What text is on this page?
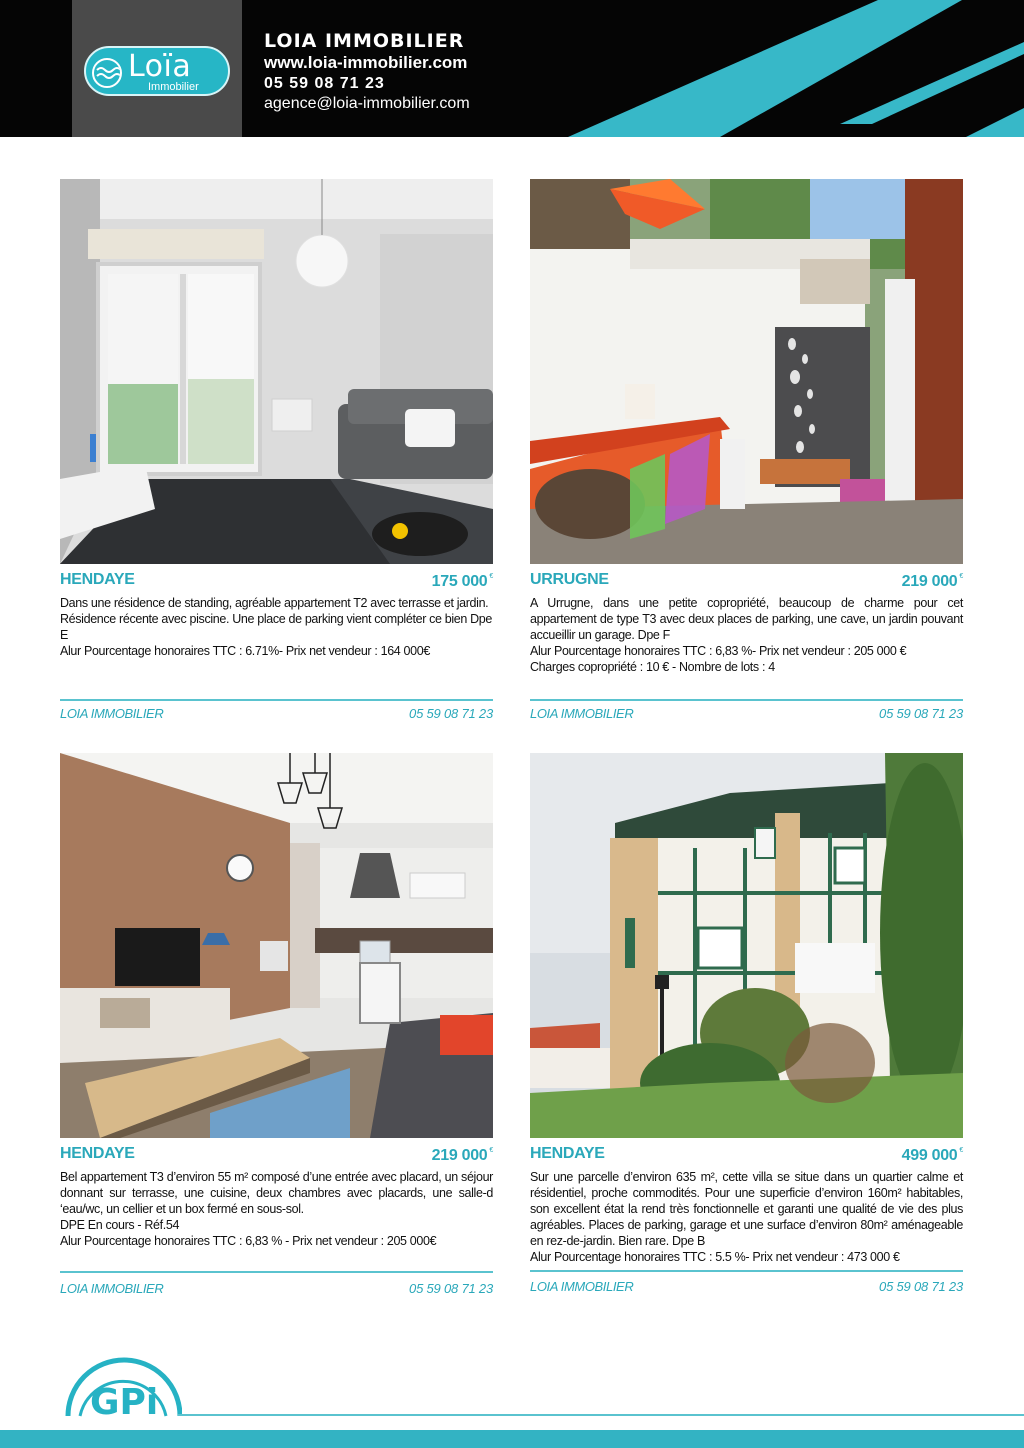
Loïa
Immobilier
LOIA IMMOBILIER
www.loia-immobilier.com
05 59 08 71 23
agence@loia-immobilier.com
HENDAYE	175 000 €

Dans une résidence de standing, agréable appartement T2 avec terrasse et jardin. Résidence récente avec piscine. Une place de parking vient compléter ce bien Dpe E

Alur Pourcentage honoraires TTC : 6.71%- Prix net vendeur : 164 000€

LOIA IMMOBILIER	05 59 08 71 23
URRUGNE	219 000 €

A Urrugne, dans une petite copropriété, beaucoup de charme pour cet appartement de type T3 avec deux places de parking, une cave, un jardin pouvant accueillir un garage. Dpe F

Alur Pourcentage honoraires TTC : 6,83 %- Prix net vendeur : 205 000 €

Charges copropriété : 10 € - Nombre de lots : 4

LOIA IMMOBILIER	05 59 08 71 23
HENDAYE	219 000 €

Bel appartement T3 d’environ 55 m² composé d’une entrée avec placard, un séjour donnant sur terrasse, une cuisine, deux chambres avec placards, une salle-d ‘eau/wc, un cellier et un box fermé en sous-sol.

DPE En cours - Réf.54

Alur Pourcentage honoraires TTC : 6,83 % - Prix net vendeur : 205 000€

LOIA IMMOBILIER	05 59 08 71 23
HENDAYE	499 000 €

Sur une parcelle d’environ 635 m², cette villa se situe dans un quartier calme et résidentiel, proche commodités. Pour une superficie d’environ 160m² habitables, son excellent état la rend très fonctionnelle et garanti une qualité de vie des plus agréables. Places de parking, garage et une surface d’environ 80m² aménageable en rez-de-jardin. Bien rare. Dpe B

Alur Pourcentage honoraires TTC : 5.5 %- Prix net vendeur : 473 000 €

LOIA IMMOBILIER	05 59 08 71 23
GPi
